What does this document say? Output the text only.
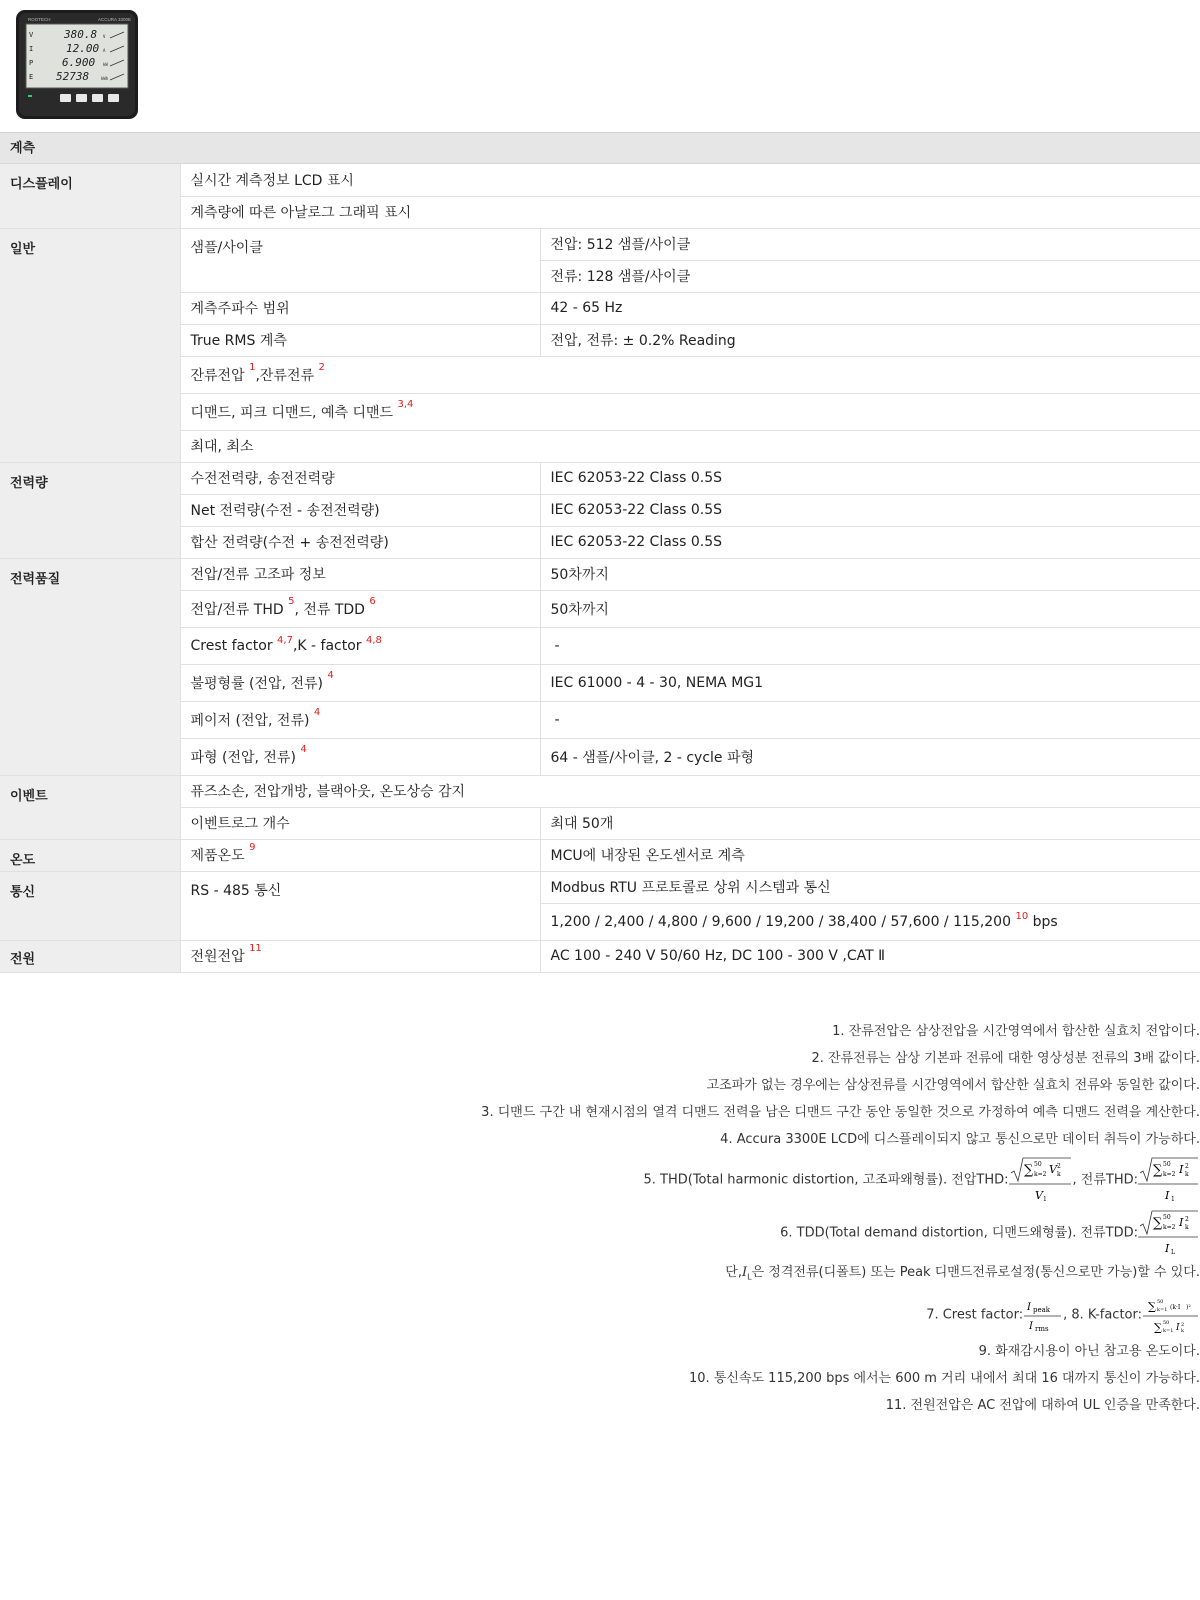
ROOTECH	ACCURA 3300E
V
I
P
E
380.8
12.00
6.900
52738
V
A
kW
kWh
계측
디스플레이	실시간 계측정보 LCD 표시	
	계측량에 따른 아날로그 그래픽 표시	
일반	샘플/사이클	전압: 512 샘플/사이클
		전류: 128 샘플/사이클
	계측주파수 범위	42 - 65 Hz
	True RMS 계측	전압, 전류: ± 0.2% Reading
	잔류전압 $^1$,잔류전류 $^2$
	디맨드, 피크 디맨드, 예측 디맨드 $^{3,4}$
	최대, 최소	
전력량	수전전력량, 송전전력량	IEC 62053-22 Class 0.5S
	Net 전력량(수전 - 송전전력량)	IEC 62053-22 Class 0.5S
	합산 전력량(수전 + 송전전력량)	IEC 62053-22 Class 0.5S
전력품질	전압/전류 고조파 정보	50차까지
	전압/전류 THD $^5$, 전류 TDD $^6$	50차까지
	Crest factor $^{4,7}$,K - factor $^{4,8}$	-
	불평형률 (전압, 전류) $^4$	IEC 61000 - 4 - 30, NEMA MG1
	페이저 (전압, 전류) $^4$	-
	파형 (전압, 전류) $^4$	64 - 샘플/사이클, 2 - cycle 파형
이벤트	퓨즈소손, 전압개방, 블랙아웃, 온도상승 감지	
	이벤트로그 개수	최대 50개
온도	제품온도 $^9$	MCU에 내장된 온도센서로 계측
통신	RS - 485 통신	Modbus RTU 프로토콜로 상위 시스템과 통신
		1,200 / 2,400 / 4,800 / 9,600 / 19,200 / 38,400 / 57,600 / 115,200 $^{10}$ bps
전원	전원전압 $^{11}$	AC 100 - 240 V 50/60 Hz, DC 100 - 300 V ,CAT Ⅱ
1. 잔류전압은 삼상전압을 시간영역에서 합산한 실효치 전압이다.
2. 잔류전류는 삼상 기본파 전류에 대한 영상성분 전류의 3배 값이다.
고조파가 없는 경우에는 삼상전류를 시간영역에서 합산한 실효치 전류와 동일한 값이다.
3. 디맨드 구간 내 현재시점의 열격 디맨드 전력을 남은 디맨드 구간 동안 동일한 것으로 가정하여 예측 디맨드 전력을 계산한다.
4. Accura 3300E LCD에 디스플레이되지 않고 통신으로만 데이터 취득이 가능하다.
5. THD(Total harmonic distortion, 고조파왜형률). 전압THD:
∑ 50
k=2 V 2
k
V 1
, 전류THD:
∑ 50
k=2 I 2
k
I 1
6. TDD(Total demand distortion, 디맨드왜형률). 전류TDD:
∑ 50
k=2 I 2
k
I L
단$,I_L$은 정격전류(디폴트) 또는 Peak 디맨드전류로설정(통신으로만 가능)할 수 있다.
7. Crest factor: I peak
I rms
, 8. K-factor:
∑ 50
k=1 (k·I )²
∑ 50
k=1 I 2
k
9. 화재감시용이 아닌 참고용 온도이다.
10. 통신속도 115,200 bps 에서는 600 m 거리 내에서 최대 16 대까지 통신이 가능하다.
11. 전원전압은 AC 전압에 대하여 UL 인증을 만족한다.
